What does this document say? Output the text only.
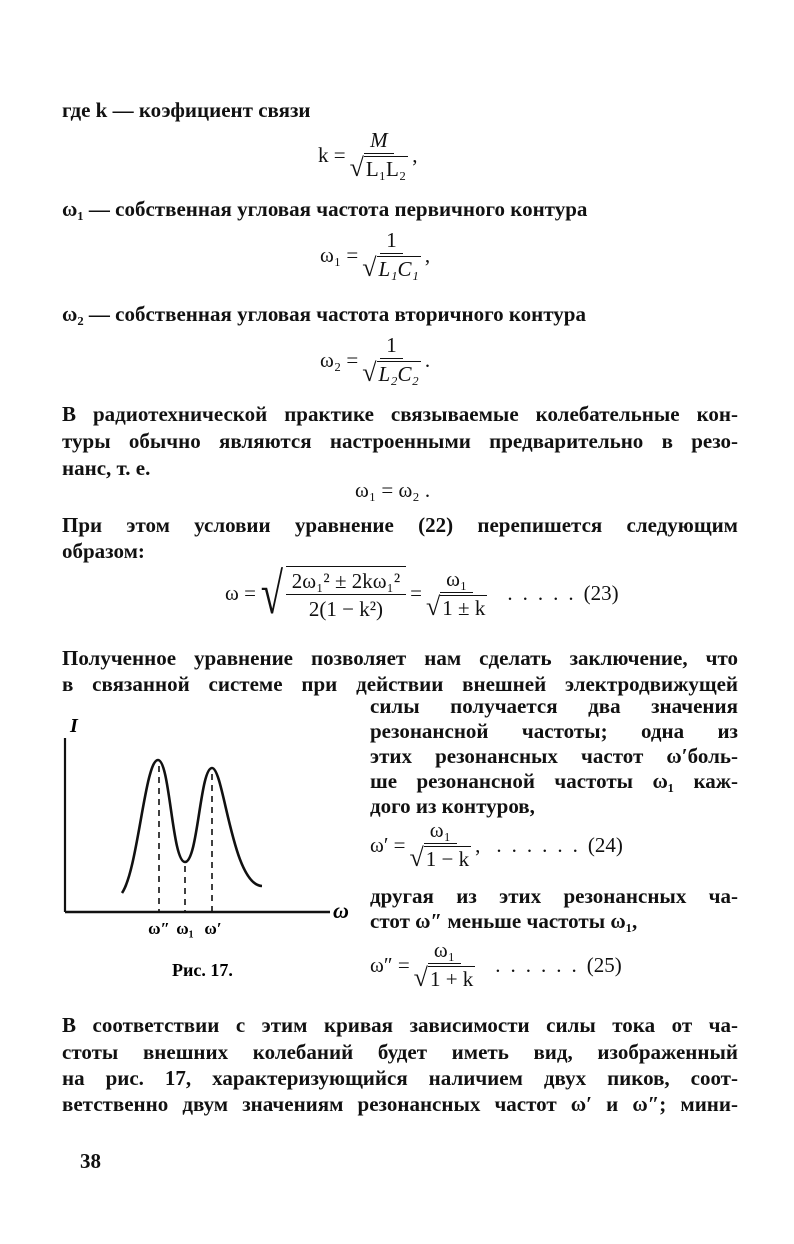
где k — коэфициент связи
$k = \frac{M}{\text{√L₁L₂}}$ ,
ω₁ — собственная угловая частота первичного контура
$\omega_1 = \frac{1}{\text{√L₁C₁}}$ ,
ω₂ — собственная угловая частота вторичного контура
$\omega_2 = \frac{1}{\text{√L₂C₂}}$ .
В радиотехнической практике связываемые колебательные кон-
туры обычно являются настроенными предварительно в резо-
нанс, т. е.
ω₁ = ω₂ .
При этом условии уравнение (22) перепишется следующим
образом:
ω = √ $\frac{\text{2ω₁² ± 2kω₁²}}{\text{2(1 − k²)}} = \frac{\text{ω₁}}{√1 \pm k}$ ..... (23)
Полученное уравнение позволяет нам сделать заключение, что
в связанной системе при действии внешней электродвижущей
силы получается два значения
резонансной частоты; одна из
этих резонансных частот ω′боль-
ше резонансной частоты ω₁ каж-
дого из контуров,
$\omega' = \frac{\text{ω₁}}{√1 - k}$ , ...... (24)
другая из этих резонансных ча-
стот ω″ меньше частоты ω₁,
$\omega'' = \frac{\text{ω₁}}{√1 + k}$ ...... (25)
I
ω
ω″ ω₁ ω′
Рис. 17.
В соответствии с этим кривая зависимости силы тока от ча-
стоты внешних колебаний будет иметь вид, изображенный
на рис. 17, характеризующийся наличием двух пиков, соот-
ветственно двум значениям резонансных частот ω′ и ω″; мини-
38
